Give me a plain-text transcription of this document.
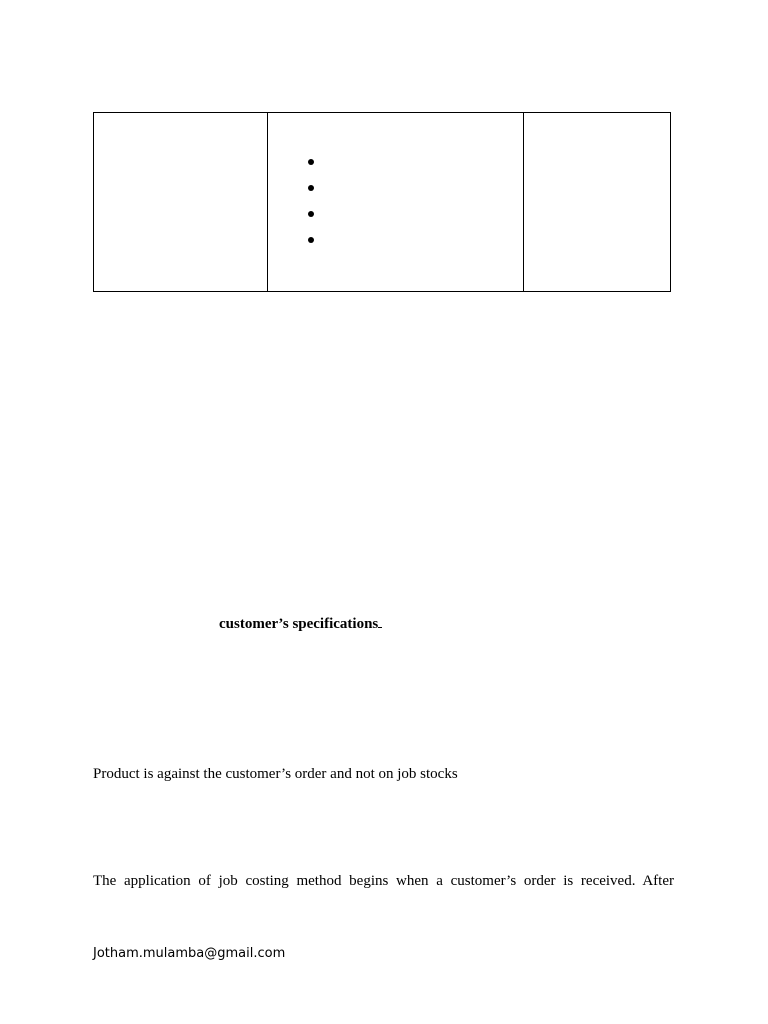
customer’s specifications
Product is against the customer’s order and not on job stocks
The application of job costing method begins when a customer’s order is received. After
Jotham.mulamba@gmail.com
